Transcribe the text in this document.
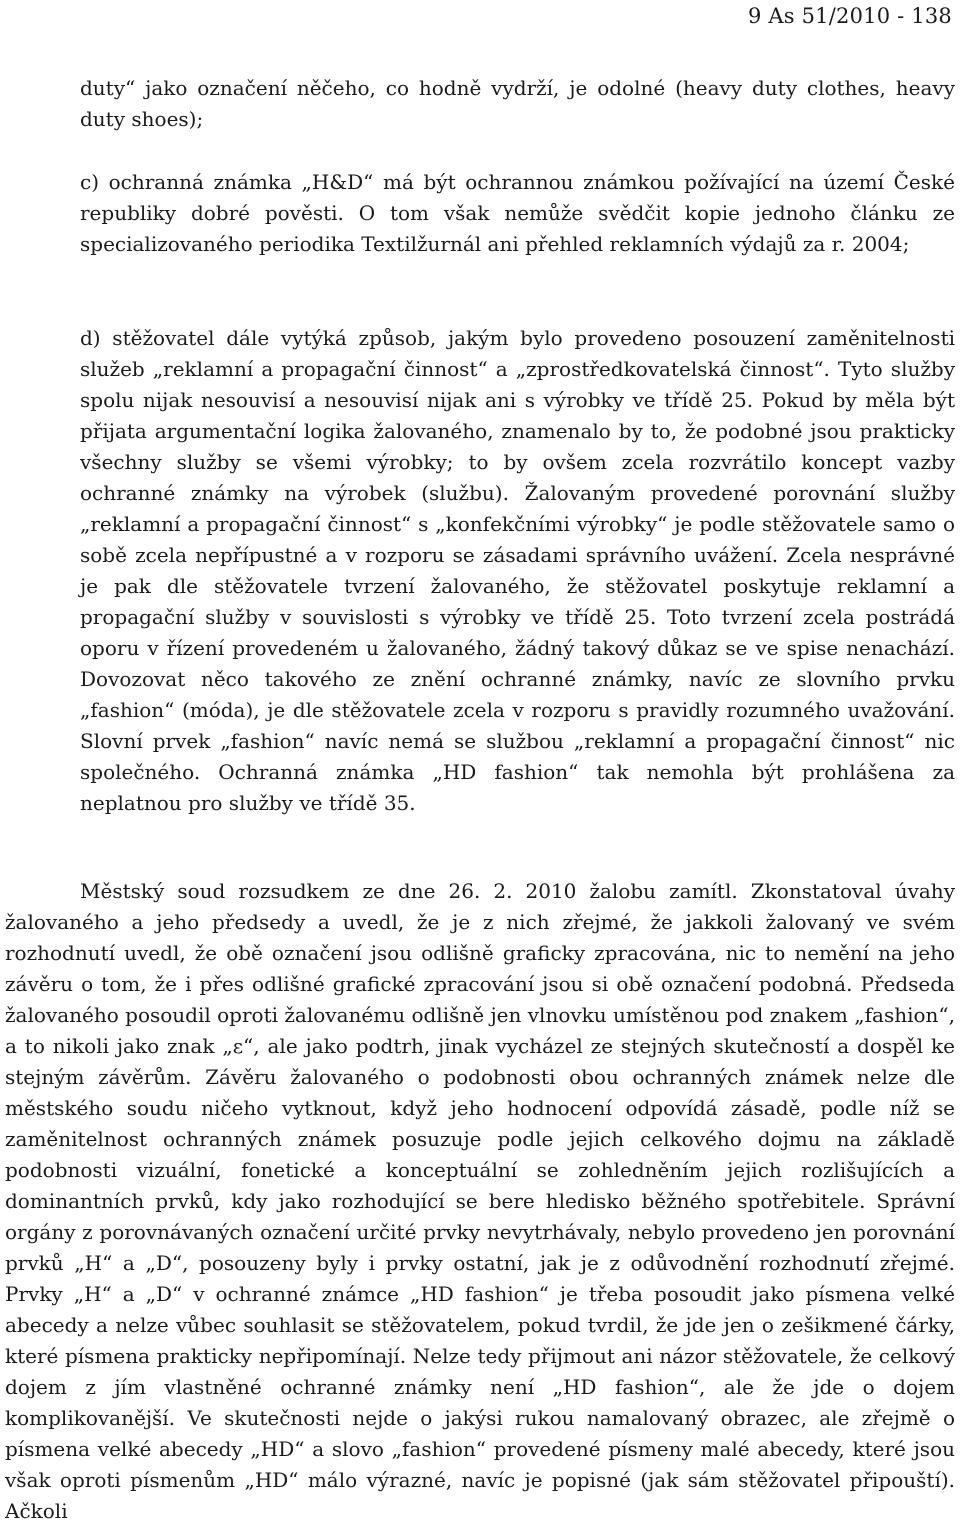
9 As 51/2010 - 138

duty“ jako označení něčeho, co hodně vydrží, je odolné (heavy duty clothes, heavy duty shoes);

c) ochranná známka „H&D“ má být ochrannou známkou požívající na území České republiky dobré pověsti. O tom však nemůže svědčit kopie jednoho článku ze specializovaného periodika Textilžurnál ani přehled reklamních výdajů za r. 2004;

d) stěžovatel dále vytýká způsob, jakým bylo provedeno posouzení zaměnitelnosti služeb „reklamní a propagační činnost“ a „zprostředkovatelská činnost“. Tyto služby spolu nijak nesouvisí a nesouvisí nijak ani s výrobky ve třídě 25. Pokud by měla být přijata argumentační logika žalovaného, znamenalo by to, že podobné jsou prakticky všechny služby se všemi výrobky; to by ovšem zcela rozvrátilo koncept vazby ochranné známky na výrobek (službu). Žalovaným provedené porovnání služby „reklamní a propagační činnost“ s „konfekčními výrobky“ je podle stěžovatele samo o sobě zcela nepřípustné a v rozporu se zásadami správního uvážení. Zcela nesprávné je pak dle stěžovatele tvrzení žalovaného, že stěžovatel poskytuje reklamní a propagační služby v souvislosti s výrobky ve třídě 25. Toto tvrzení zcela postrádá oporu v řízení provedeném u žalovaného, žádný takový důkaz se ve spise nenachází. Dovozovat něco takového ze znění ochranné známky, navíc ze slovního prvku „fashion“ (móda), je dle stěžovatele zcela v rozporu s pravidly rozumného uvažování. Slovní prvek „fashion“ navíc nemá se službou „reklamní a propagační činnost“ nic společného. Ochranná známka „HD fashion“ tak nemohla být prohlášena za neplatnou pro služby ve třídě 35.

Městský soud rozsudkem ze dne 26. 2. 2010 žalobu zamítl. Zkonstatoval úvahy žalovaného a jeho předsedy a uvedl, že je z nich zřejmé, že jakkoli žalovaný ve svém rozhodnutí uvedl, že obě označení jsou odlišně graficky zpracována, nic to nemění na jeho závěru o tom, že i přes odlišné grafické zpracování jsou si obě označení podobná. Předseda žalovaného posoudil oproti žalovanému odlišně jen vlnovku umístěnou pod znakem „fashion“, a to nikoli jako znak „ε“, ale jako podtrh, jinak vycházel ze stejných skutečností a dospěl ke stejným závěrům. Závěru žalovaného o podobnosti obou ochranných známek nelze dle městského soudu ničeho vytknout, když jeho hodnocení odpovídá zásadě, podle níž se zaměnitelnost ochranných známek posuzuje podle jejich celkového dojmu na základě podobnosti vizuální, fonetické a konceptuální se zohledněním jejich rozlišujících a dominantních prvků, kdy jako rozhodující se bere hledisko běžného spotřebitele. Správní orgány z porovnávaných označení určité prvky nevytrhávaly, nebylo provedeno jen porovnání prvků „H“ a „D“, posouzeny byly i prvky ostatní, jak je z odůvodnění rozhodnutí zřejmé. Prvky „H“ a „D“ v ochranné známce „HD fashion“ je třeba posoudit jako písmena velké abecedy a nelze vůbec souhlasit se stěžovatelem, pokud tvrdil, že jde jen o zešikmené čárky, které písmena prakticky nepřipomínají. Nelze tedy přijmout ani názor stěžovatele, že celkový dojem z jím vlastněné ochranné známky není „HD fashion“, ale že jde o dojem komplikovanější. Ve skutečnosti nejde o jakýsi rukou namalovaný obrazec, ale zřejmě o písmena velké abecedy „HD“ a slovo „fashion“ provedené písmeny malé abecedy, které jsou však oproti písmenům „HD“ málo výrazné, navíc je popisné (jak sám stěžovatel připouští). Ačkoli
